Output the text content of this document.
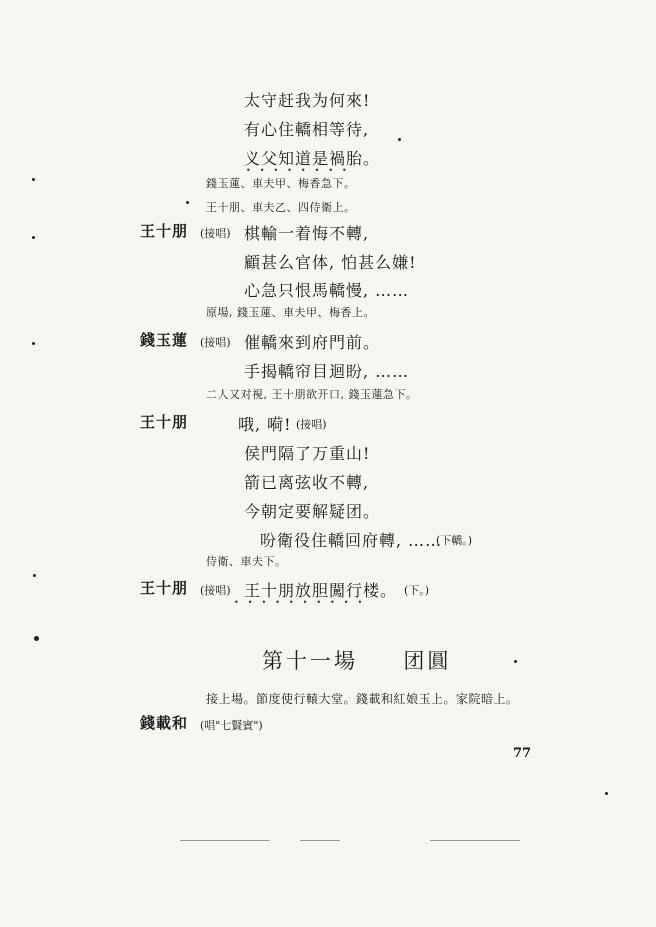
太守赶我为何來!
有心住轎相等待,
义父知道是禍胎。
••••••••
錢玉蓮、車夫甲、梅香急下。
王十朋、車夫乙、四侍衛上。
王十朋 (接唱) 棋輸一着悔不轉,
顧甚么官体, 怕甚么嫌!
心急只恨馬轎慢, ……
原場, 錢玉蓮、車夫甲、梅香上。
錢玉蓮 (接唱) 催轎來到府門前。
手揭轎帘目迴盼, ……
二人又对視, 王十朋欲开口, 錢玉蓮急下。
王十朋	哦, 嗬! (接唱)
侯門隔了万重山!
箭已离弦收不轉,
今朝定要解疑团。
吩衛役住轎回府轉, ……
(下轎。)
侍衛、車夫下。
王十朋 (接唱) 王十朋放胆闖行楼。 (下。)
••••••••••
第十一場 团圓
接上場。節度使行轅大堂。錢載和紅娘玉上。家院暗上。
錢載和 (唱"七賢賓")
77
